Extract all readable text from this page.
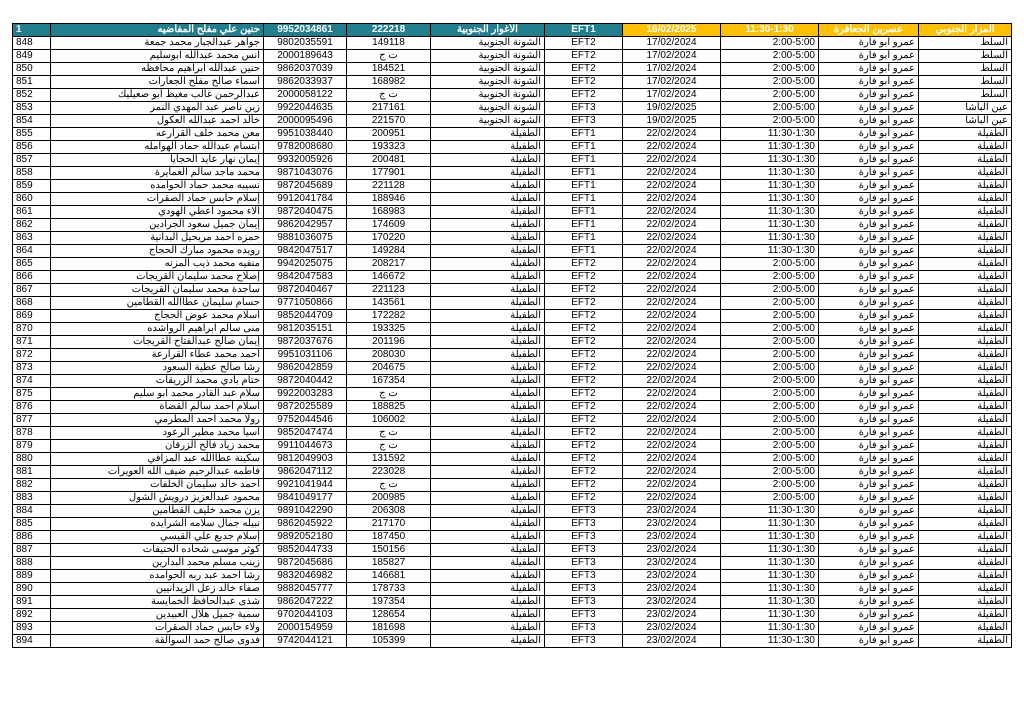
1	حنين علي مفلح المفاضيه	9952034861	222218	الأغوار الجنوبية	EFT1	16/02/2025	11:30-1:30	عسرين الجعافرة	المزار الجنوبي
848	جواهر عبدالجبار محمد جمعة	9802035591	149118	الشونة الجنوبية	EFT2	17/02/2024	2:00-5:00	عمرو أبو فارة	السلط
849	أنس محمد عبدالله أبوسليم	2000189643	ت ج	الشونة الجنوبية	EFT2	17/02/2024	2:00-5:00	عمرو أبو فارة	السلط
850	حنين عبدالله ابراهيم محافظه	9862037039	184521	الشونة الجنوبية	EFT2	17/02/2024	2:00-5:00	عمرو أبو فارة	السلط
851	أسماء صالح مفلح الجعارات	9862033937	168982	الشونة الجنوبية	EFT2	17/02/2024	2:00-5:00	عمرو أبو فارة	السلط
852	عبدالرحمن غالب مغيظ أبو صعيليك	2000058122	ت ج	الشونة الجنوبية	EFT2	17/02/2024	2:00-5:00	عمرو أبو فارة	السلط
853	زين ناصر عبد المهدي النمر	9922044635	217161	الشونة الجنوبية	EFT3	19/02/2025	2:00-5:00	عمرو أبو فارة	عين الباشا
854	خالد أحمد عبدالله العكول	2000095496	221570	الشونة الجنوبية	EFT3	19/02/2025	2:00-5:00	عمرو أبو فارة	عين الباشا
855	معن محمد خلف القرارعه	9951038440	200951	الطفيلة	EFT1	22/02/2024	11:30-1:30	عمرو أبو فارة	الطفيلة
856	ابتسام عبدالله حماد الهوامله	9782008680	193323	الطفيلة	EFT1	22/02/2024	11:30-1:30	عمرو أبو فارة	الطفيلة
857	إيمان نهار عايد الحجايا	9932005926	200481	الطفيلة	EFT1	22/02/2024	11:30-1:30	عمرو أبو فارة	الطفيلة
858	محمد ماجد سالم العمايرة	9871043076	177901	الطفيلة	EFT1	22/02/2024	11:30-1:30	عمرو أبو فارة	الطفيلة
859	نسيبه محمد حماد الحوامده	9872045689	221128	الطفيلة	EFT1	22/02/2024	11:30-1:30	عمرو أبو فارة	الطفيلة
860	إسلام حابس حماد الصقرات	9912041784	188946	الطفيلة	EFT1	22/02/2024	11:30-1:30	عمرو أبو فارة	الطفيلة
861	الاء محمود اعطي الهودي	9872040475	168983	الطفيلة	EFT1	22/02/2024	11:30-1:30	عمرو أبو فارة	الطفيلة
862	إيمان جميل سعود الجرادين	9862042957	174609	الطفيلة	EFT1	22/02/2024	11:30-1:30	عمرو أبو فارة	الطفيلة
863	حمزه أحمد مريحيل البدانية	9881036075	170220	الطفيلة	EFT1	22/02/2024	11:30-1:30	عمرو أبو فارة	الطفيلة
864	رويده محمود مبارك الحجاج	9842047517	149284	الطفيلة	EFT1	22/02/2024	11:30-1:30	عمرو أبو فارة	الطفيلة
865	منفيه محمد ذيب المزنه	9942025075	208217	الطفيلة	EFT2	22/02/2024	2:00-5:00	عمرو أبو فارة	الطفيلة
866	إصلاح محمد سليمان القريجات	9842047583	146672	الطفيلة	EFT2	22/02/2024	2:00-5:00	عمرو أبو فارة	الطفيلة
867	ساجدة محمد سليمان القريجات	9872040467	221123	الطفيلة	EFT2	22/02/2024	2:00-5:00	عمرو أبو فارة	الطفيلة
868	حسام سليمان عطاالله القطامين	9771050866	143561	الطفيلة	EFT2	22/02/2024	2:00-5:00	عمرو أبو فارة	الطفيلة
869	اسلام محمد عوض الحجاج	9852044709	172282	الطفيلة	EFT2	22/02/2024	2:00-5:00	عمرو أبو فارة	الطفيلة
870	منى سالم ابراهيم الرواشده	9812035151	193325	الطفيلة	EFT2	22/02/2024	2:00-5:00	عمرو أبو فارة	الطفيلة
871	إيمان صالح عبدالفتاح القريجات	9872037676	201196	الطفيلة	EFT2	22/02/2024	2:00-5:00	عمرو أبو فارة	الطفيلة
872	احمد محمد عطاء القرارعة	9951031106	208030	الطفيلة	EFT2	22/02/2024	2:00-5:00	عمرو أبو فارة	الطفيلة
873	رشا صالح عطية السعود	9862042859	204675	الطفيلة	EFT2	22/02/2024	2:00-5:00	عمرو أبو فارة	الطفيلة
874	ختام بادي محمد الزريقات	9872040442	167354	الطفيلة	EFT2	22/02/2024	2:00-5:00	عمرو أبو فارة	الطفيلة
875	سلام عبد القادر محمد أبو سليم	9922003283	ت ج	الطفيلة	EFT2	22/02/2024	2:00-5:00	عمرو أبو فارة	الطفيلة
876	اسلام أحمد سالم القضاة	9872025589	188825	الطفيلة	EFT2	22/02/2024	2:00-5:00	عمرو أبو فارة	الطفيلة
877	رولا محمد احمد المطرمي	9752044546	106002	الطفيلة	EFT2	22/02/2024	2:00-5:00	عمرو أبو فارة	الطفيلة
878	اسيا محمد مطير الرعود	9852047474	ت ج	الطفيلة	EFT2	22/02/2024	2:00-5:00	عمرو أبو فارة	الطفيلة
879	محمد زياد فالح الزرقان	9911044673	ت ج	الطفيلة	EFT2	22/02/2024	2:00-5:00	عمرو أبو فارة	الطفيلة
880	سكينة عطاالله عبد المزافي	9812049903	131592	الطفيلة	EFT2	22/02/2024	2:00-5:00	عمرو أبو فارة	الطفيلة
881	فاطمه عبدالرحيم ضيف الله العويرات	9862047112	223028	الطفيلة	EFT2	22/02/2024	2:00-5:00	عمرو أبو فارة	الطفيلة
882	احمد خالد سليمان الخلفات	9921041944	ت ج	الطفيلة	EFT2	22/02/2024	2:00-5:00	عمرو أبو فارة	الطفيلة
883	محمود عبدالعزيز درويش الشول	9841049177	200985	الطفيلة	EFT2	22/02/2024	2:00-5:00	عمرو أبو فارة	الطفيلة
884	يزن محمد خليف القطامين	9891042290	206308	الطفيلة	EFT3	23/02/2024	11:30-1:30	عمرو أبو فارة	الطفيلة
885	نبيله جمال سلامه الشرايده	9862045922	217170	الطفيلة	EFT3	23/02/2024	11:30-1:30	عمرو أبو فارة	الطفيلة
886	إسلام جديع علي القيسي	9892052180	187450	الطفيلة	EFT3	23/02/2024	11:30-1:30	عمرو أبو فارة	الطفيلة
887	كوثر موسى شحاده الحنيفات	9852044733	150156	الطفيلة	EFT3	23/02/2024	11:30-1:30	عمرو أبو فارة	الطفيلة
888	زينب مسلم محمد البدارين	9872045686	185827	الطفيلة	EFT3	23/02/2024	11:30-1:30	عمرو أبو فارة	الطفيلة
889	رشا احمد عبد ربه الحوامده	9832046982	146681	الطفيلة	EFT3	23/02/2024	11:30-1:30	عمرو أبو فارة	الطفيلة
890	صفاء خالد زعل الزيدانيين	9882045777	178733	الطفيلة	EFT3	23/02/2024	11:30-1:30	عمرو أبو فارة	الطفيلة
891	شذى عبدالحافظ الخمايسة	9862047222	197354	الطفيلة	EFT3	23/02/2024	11:30-1:30	عمرو أبو فارة	الطفيلة
892	سمية جميل هلال العبيدين	9702044103	128654	الطفيلة	EFT3	23/02/2024	11:30-1:30	عمرو أبو فارة	الطفيلة
893	ولاء حابس حماد الصقرات	2000154959	181698	الطفيلة	EFT3	23/02/2024	11:30-1:30	عمرو أبو فارة	الطفيلة
894	فدوى صالح حمد السوالقة	9742044121	105399	الطفيلة	EFT3	23/02/2024	11:30-1:30	عمرو أبو فارة	الطفيلة
